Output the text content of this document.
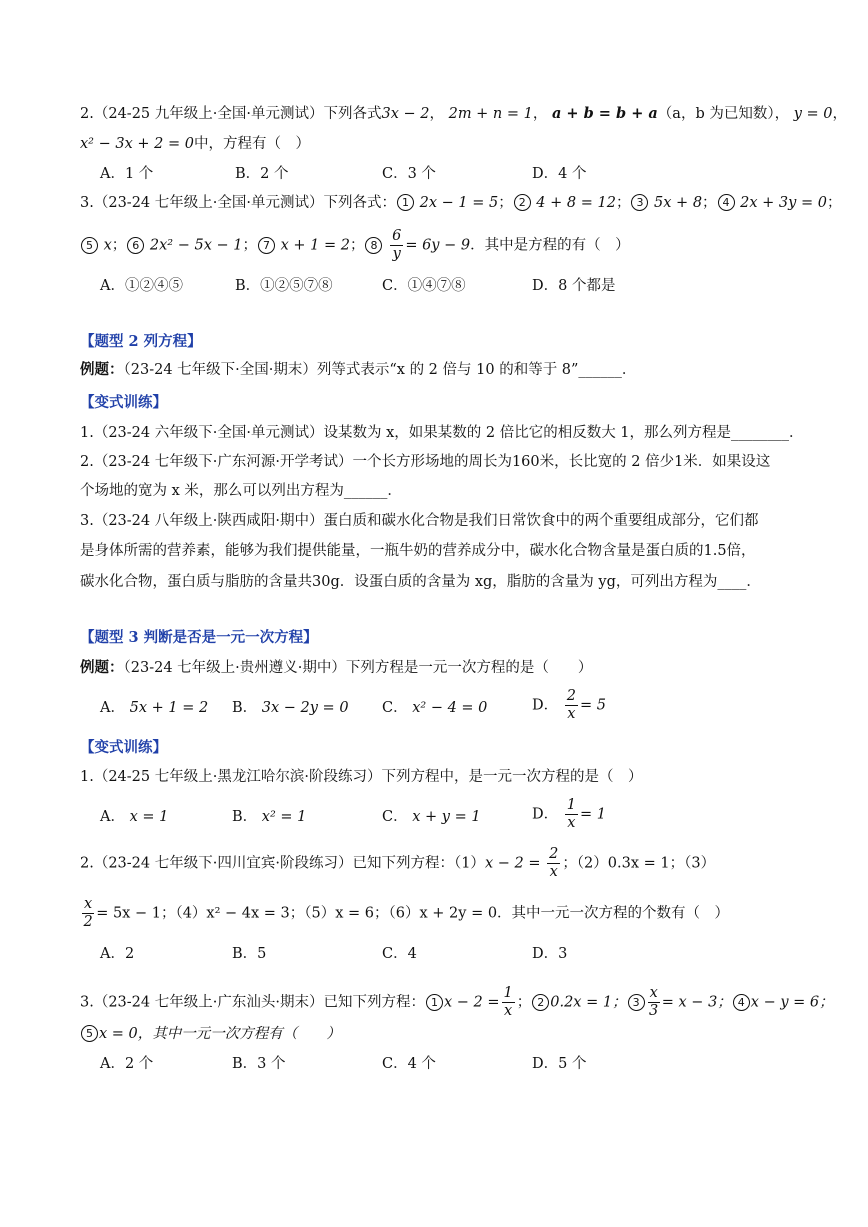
2.（24-25 九年级上·全国·单元测试）下列各式3x − 2， 2m + n = 1， a + b = b + a（a，b 为已知数）， y = 0，
x² − 3x + 2 = 0中，方程有（　）
A．1 个	B．2 个	C．3 个	D．4 个
3.（23-24 七年级上·全国·单元测试）下列各式： 1 2x − 1 = 5； 2 4 + 8 = 12； 3 5x + 8； 4 2x + 3y = 0；
5 x； 6 2x² − 5x − 1； 7 x + 1 = 2； $8 \frac{6}{y} = 6y - 9$．其中是方程的有（　）
A．①②④⑤	B．①②⑤⑦⑧	C．①④⑦⑧	D．8 个都是
【题型 2 列方程】
例题：（23-24 七年级下·全国·期末）列等式表示“x 的 2 倍与 10 的和等于 8”______．
【变式训练】
1.（23-24 六年级下·全国·单元测试）设某数为 x，如果某数的 2 倍比它的相反数大 1，那么列方程是________．
2.（23-24 七年级下·广东河源·开学考试）一个长方形场地的周长为160米，长比宽的 2 倍少1米．如果设这
个场地的宽为 x 米，那么可以列出方程为______．
3.（23-24 八年级上·陕西咸阳·期中）蛋白质和碳水化合物是我们日常饮食中的两个重要组成部分，它们都
是身体所需的营养素，能够为我们提供能量，一瓶牛奶的营养成分中，碳水化合物含量是蛋白质的1.5倍，
碳水化合物，蛋白质与脂肪的含量共30g．设蛋白质的含量为 xg，脂肪的含量为 yg，可列出方程为____．
【题型 3 判断是否是一元一次方程】
例题：（23-24 七年级上·贵州遵义·期中）下列方程是一元一次方程的是（　　）
A． 5x + 1 = 2 B． 3x − 2y = 0 C． x² − 4 = 0	D． $\frac{2}{x} = 5$
【变式训练】
1.（24-25 七年级上·黑龙江哈尔滨·阶段练习）下列方程中，是一元一次方程的是（　）
A． x = 1	B． x² = 1	C． x + y = 1	D． $\frac{1}{x} = 1$
2.（23-24 七年级下·四川宜宾·阶段练习）已知下列方程：$(1)x - 2 = \frac{2}{x}$ ；（2）0.3x = 1；（3）
$\frac{x}{2} = 5x - 1$；（4）x² − 4x = 3；（5）x = 6；（6）x + 2y = 0．其中一元一次方程的个数有（　）
A．2	B．5	C．4	D．3
3.（23-24 七年级上·广东汕头·期末）已知下列方程： 1 $x - 2 = \frac{1}{x}$ ； 2 0.2x = 1； $3 \frac{x}{3} = x - 3$； 4 x − y = 6；
5 x = 0，其中一元一次方程有（　　）
A．2 个	B．3 个	C．4 个	D．5 个
